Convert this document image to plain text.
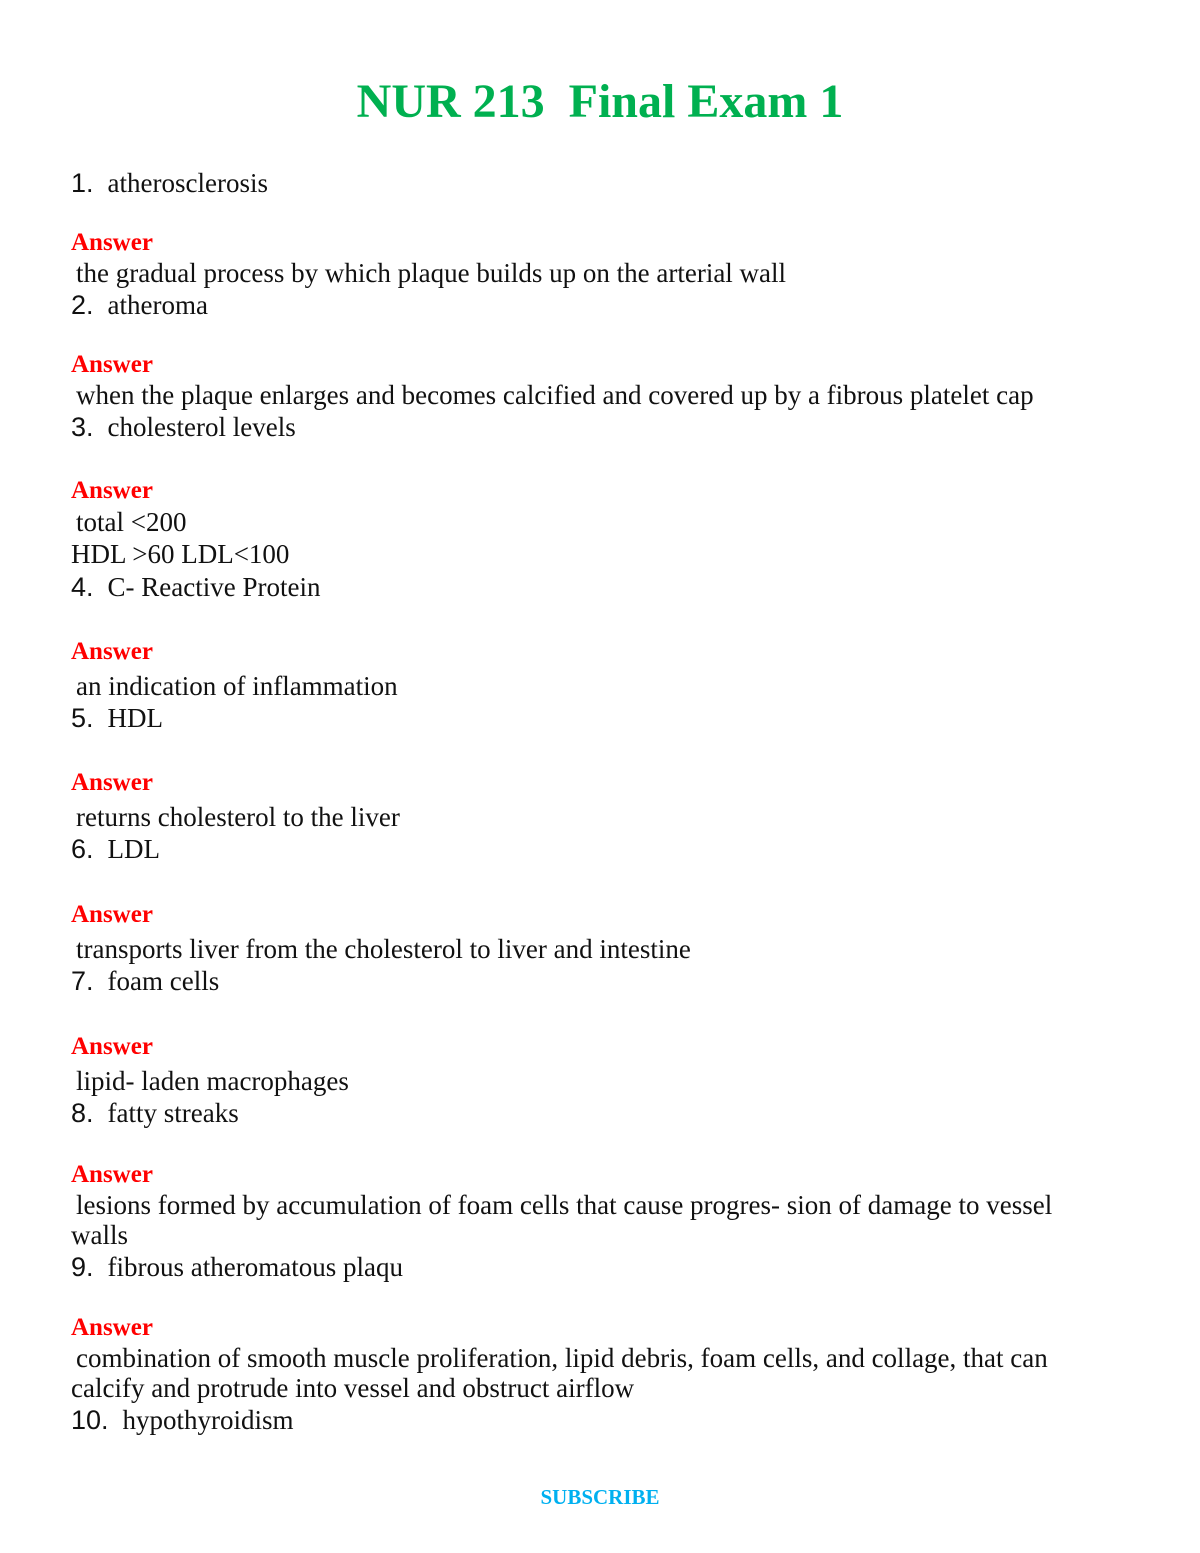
NUR 213  Final Exam 1
1. atherosclerosis
Answer
the gradual process by which plaque builds up on the arterial wall
2. atheroma
Answer
when the plaque enlarges and becomes calcified and covered up by a fibrous platelet cap
3. cholesterol levels
Answer
total <200
HDL >60 LDL<100
4. C- Reactive Protein
Answer
an indication of inflammation
5. HDL
Answer
returns cholesterol to the liver
6. LDL
Answer
transports liver from the cholesterol to liver and intestine
7. foam cells
Answer
lipid- laden macrophages
8. fatty streaks
Answer
lesions formed by accumulation of foam cells that cause progres- sion of damage to vessel
walls
9. fibrous atheromatous plaqu
Answer
combination of smooth muscle proliferation, lipid debris, foam cells, and collage, that can
calcify and protrude into vessel and obstruct airflow
10. hypothyroidism
SUBSCRIBE
